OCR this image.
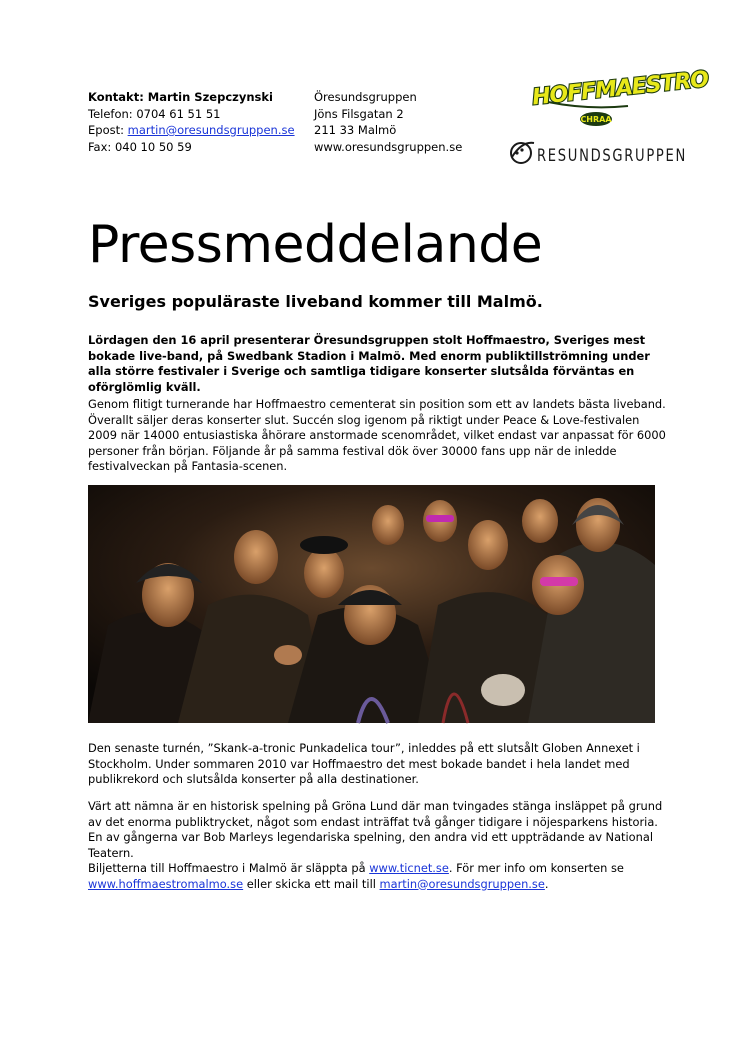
Kontakt: Martin Szepczynski
Telefon: 0704 61 51 51
Epost: martin@oresundsgruppen.se
Fax: 040 10 50 59
Öresundsgruppen
Jöns Filsgatan 2
211 33 Malmö
www.oresundsgruppen.se
HOFFMAESTRO
CHRAA
RESUNDSGRUPPEN
Pressmeddelande
Sveriges populäraste liveband kommer till Malmö.

Lördagen den 16 april presenterar Öresundsgruppen stolt Hoffmaestro, Sveriges mest bokade live-band, på Swedbank Stadion i Malmö. Med enorm publiktillströmning under alla större festivaler i Sverige och samtliga tidigare konserter slutsålda förväntas en oförglömlig kväll.

Genom flitigt turnerande har Hoffmaestro cementerat sin position som ett av landets bästa liveband. Överallt säljer deras konserter slut. Succén slog igenom på riktigt under Peace & Love-festivalen 2009 när 14000 entusiastiska åhörare anstormade scenområdet, vilket endast var anpassat för 6000 personer från början. Följande år på samma festival dök över 30000 fans upp när de inledde festivalveckan på Fantasia-scenen.

Den senaste turnén, ”Skank-a-tronic Punkadelica tour”, inleddes på ett slutsålt Globen Annexet i Stockholm. Under sommaren 2010 var Hoffmaestro det mest bokade bandet i hela landet med publikrekord och slutsålda konserter på alla destinationer.

Värt att nämna är en historisk spelning på Gröna Lund där man tvingades stänga insläppet på grund av det enorma publiktrycket, något som endast inträffat två gånger tidigare i nöjesparkens historia. En av gångerna var Bob Marleys legendariska spelning, den andra vid ett uppträdande av National Teatern.

Biljetterna till Hoffmaestro i Malmö är släppta på www.ticnet.se. För mer info om konserten se www.hoffmaestromalmo.se eller skicka ett mail till martin@oresundsgruppen.se.
